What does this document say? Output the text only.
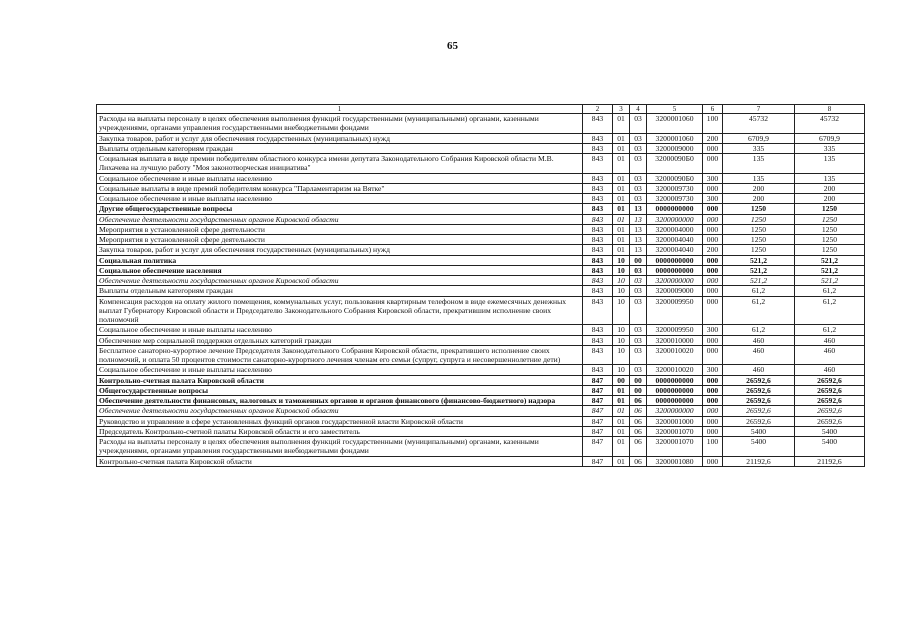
65
1	2	3	4	5	6	7	8
Расходы на выплаты персоналу в целях обеспечения выполнения функций государственными (муниципальными) органами, казенными учреждениями, органами управления государственными внебюджетными фондами	843	01	03	3200001060	100	45732	45732
Закупка товаров, работ и услуг для обеспечения государственных (муниципальных) нужд	843	01	03	3200001060	200	6709,9	6709,9
Выплаты отдельным категориям граждан	843	01	03	3200009000	000	335	335
Социальная выплата в виде премии победителям областного конкурса имени депутата Законодательного Собрания Кировской области М.В. Лихачева на лучшую работу "Моя законотворческая инициатива"	843	01	03	32000090Б0	000	135	135
Социальное обеспечение и иные выплаты населению	843	01	03	32000090Б0	300	135	135
Социальные выплаты в виде премий победителям конкурса "Парламентаризм на Вятке"	843	01	03	3200009730	000	200	200
Социальное обеспечение и иные выплаты населению	843	01	03	3200009730	300	200	200
Другие общегосударственные вопросы	843	01	13	0000000000	000	1250	1250
Обеспечение деятельности государственных органов Кировской области	843	01	13	3200000000	000	1250	1250
Мероприятия в установленной сфере деятельности	843	01	13	3200004000	000	1250	1250
Мероприятия в установленной сфере деятельности	843	01	13	3200004040	000	1250	1250
Закупка товаров, работ и услуг для обеспечения государственных (муниципальных) нужд	843	01	13	3200004040	200	1250	1250
Социальная политика	843	10	00	0000000000	000	521,2	521,2
Социальное обеспечение населения	843	10	03	0000000000	000	521,2	521,2
Обеспечение деятельности государственных органов Кировской области	843	10	03	3200000000	000	521,2	521,2
Выплаты отдельным категориям граждан	843	10	03	3200009000	000	61,2	61,2
Компенсация расходов на оплату жилого помещения, коммунальных услуг, пользования квартирным телефоном в виде ежемесячных денежных выплат Губернатору Кировской области и Председателю Законодательного Собрания Кировской области, прекратившим исполнение своих полномочий	843	10	03	3200009950	000	61,2	61,2
Социальное обеспечение и иные выплаты населению	843	10	03	3200009950	300	61,2	61,2
Обеспечение мер социальной поддержки отдельных категорий граждан	843	10	03	3200010000	000	460	460
Бесплатное санаторно-курортное лечение Председателя Законодательного Собрания Кировской области, прекратившего исполнение своих полномочий, и оплата 50 процентов стоимости санаторно-курортного лечения членам его семьи (супруг, супруга и несовершеннолетние дети)	843	10	03	3200010020	000	460	460
Социальное обеспечение и иные выплаты населению	843	10	03	3200010020	300	460	460
Контрольно-счетная палата Кировской области	847	00	00	0000000000	000	26592,6	26592,6
Общегосударственные вопросы	847	01	00	0000000000	000	26592,6	26592,6
Обеспечение деятельности финансовых, налоговых и таможенных органов и органов финансового (финансово-бюджетного) надзора	847	01	06	0000000000	000	26592,6	26592,6
Обеспечение деятельности государственных органов Кировской области	847	01	06	3200000000	000	26592,6	26592,6
Руководство и управление в сфере установленных функций органов государственной власти Кировской области	847	01	06	3200001000	000	26592,6	26592,6
Председатель Контрольно-счетной палаты Кировской области и его заместитель	847	01	06	3200001070	000	5400	5400
Расходы на выплаты персоналу в целях обеспечения выполнения функций государственными (муниципальными) органами, казенными учреждениями, органами управления государственными внебюджетными фондами	847	01	06	3200001070	100	5400	5400
Контрольно-счетная палата Кировской области	847	01	06	3200001080	000	21192,6	21192,6
